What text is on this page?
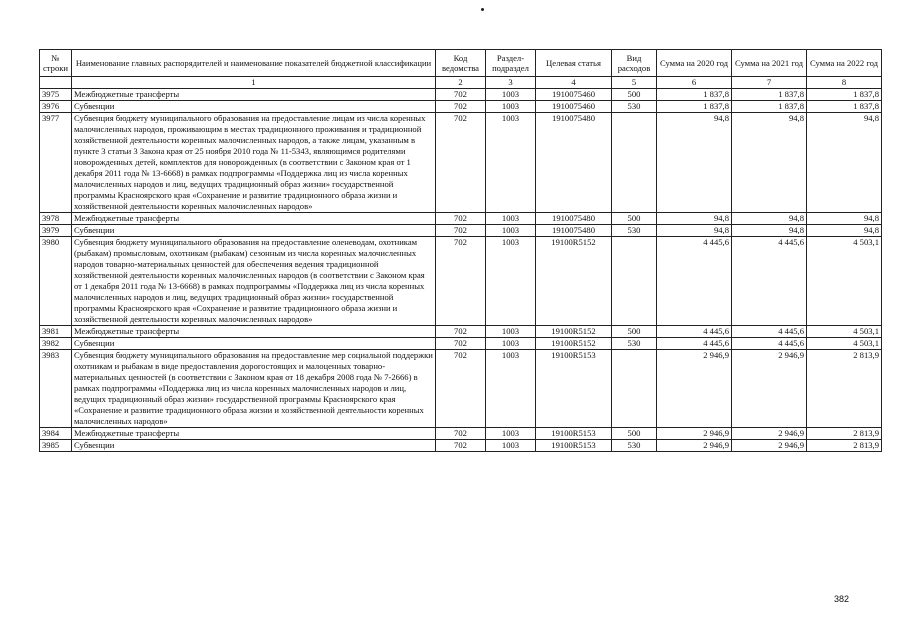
№ строки	Наименование главных распорядителей и наименование показателей бюджетной классификации	Код ведомства	Раздел-подраздел	Целевая статья	Вид расходов	Сумма на 2020 год	Сумма на 2021 год	Сумма на 2022 год
	1	2	3	4	5	6	7	8
3975	Межбюджетные трансферты	702	1003	1910075460	500	1 837,8	1 837,8	1 837,8
3976	Субвенции	702	1003	1910075460	530	1 837,8	1 837,8	1 837,8
3977	Субвенция бюджету муниципального образования на предоставление лицам из числа коренных малочисленных народов, проживающим в местах традиционного проживания и традиционной хозяйственной деятельности коренных малочисленных народов, а также лицам, указанным в пункте 3 статьи 3 Закона края от 25 ноября 2010 года № 11-5343, являющимся родителями новорожденных детей, комплектов для новорожденных (в соответствии с Законом края от 1 декабря 2011 года № 13-6668) в рамках подпрограммы «Поддержка лиц из числа коренных малочисленных народов и лиц, ведущих традиционный образ жизни» государственной программы Красноярского края «Сохранение и развитие традиционного образа жизни и хозяйственной деятельности коренных малочисленных народов»	702	1003	1910075480		94,8	94,8	94,8
3978	Межбюджетные трансферты	702	1003	1910075480	500	94,8	94,8	94,8
3979	Субвенции	702	1003	1910075480	530	94,8	94,8	94,8
3980	Субвенция бюджету муниципального образования на предоставление оленеводам, охотникам (рыбакам) промысловым, охотникам (рыбакам) сезонным из числа коренных малочисленных народов товарно-материальных ценностей для обеспечения ведения традиционной хозяйственной деятельности коренных малочисленных народов (в соответствии с Законом края от 1 декабря 2011 года № 13-6668) в рамках подпрограммы «Поддержка лиц из числа коренных малочисленных народов и лиц, ведущих традиционный образ жизни» государственной программы Красноярского края «Сохранение и развитие традиционного образа жизни и хозяйственной деятельности коренных малочисленных народов»	702	1003	19100R5152		4 445,6	4 445,6	4 503,1
3981	Межбюджетные трансферты	702	1003	19100R5152	500	4 445,6	4 445,6	4 503,1
3982	Субвенции	702	1003	19100R5152	530	4 445,6	4 445,6	4 503,1
3983	Субвенция бюджету муниципального образования на предоставление мер социальной поддержки охотникам и рыбакам в виде предоставления дорогостоящих и малоценных товарно-материальных ценностей (в соответствии с Законом края от 18 декабря 2008 года № 7-2666) в рамках подпрограммы «Поддержка лиц из числа коренных малочисленных народов и лиц, ведущих традиционный образ жизни» государственной программы Красноярского края «Сохранение и развитие традиционного образа жизни и хозяйственной деятельности коренных малочисленных народов»	702	1003	19100R5153		2 946,9	2 946,9	2 813,9
3984	Межбюджетные трансферты	702	1003	19100R5153	500	2 946,9	2 946,9	2 813,9
3985	Субвенции	702	1003	19100R5153	530	2 946,9	2 946,9	2 813,9
382
